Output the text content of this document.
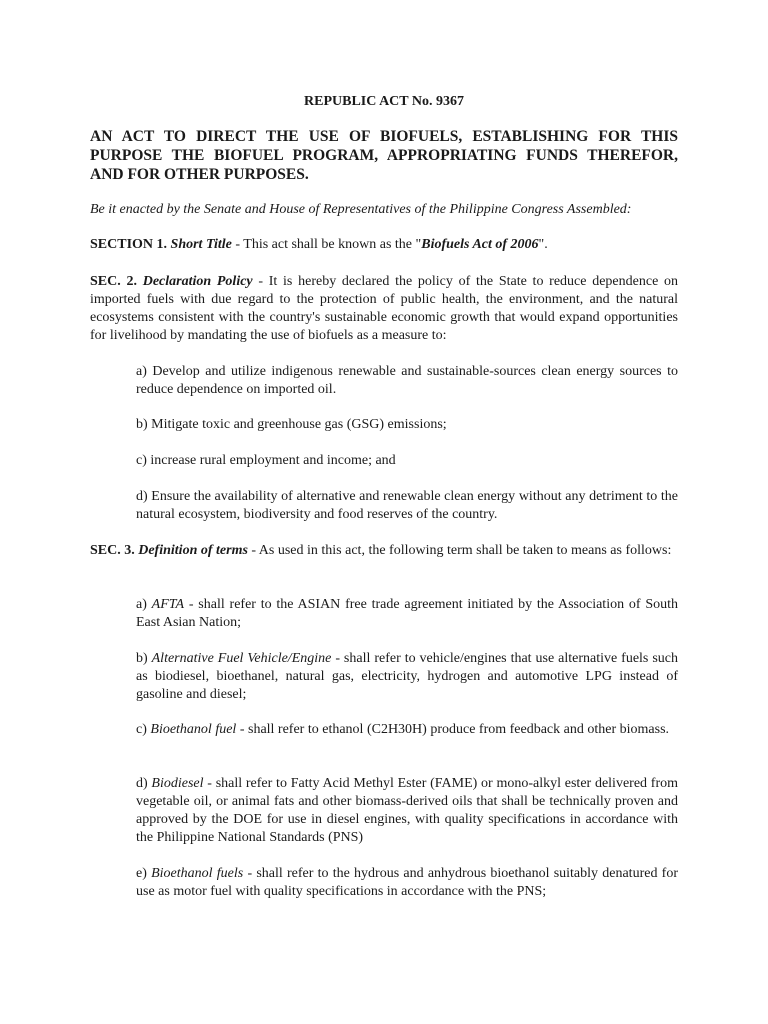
REPUBLIC ACT No. 9367

AN ACT TO DIRECT THE USE OF BIOFUELS, ESTABLISHING FOR THIS PURPOSE THE BIOFUEL PROGRAM, APPROPRIATING FUNDS THEREFOR, AND FOR OTHER PURPOSES.

Be it enacted by the Senate and House of Representatives of the Philippine Congress Assembled:

SECTION 1. Short Title - This act shall be known as the "Biofuels Act of 2006".

SEC. 2. Declaration Policy - It is hereby declared the policy of the State to reduce dependence on imported fuels with due regard to the protection of public health, the environment, and the natural ecosystems consistent with the country's sustainable economic growth that would expand opportunities for livelihood by mandating the use of biofuels as a measure to:

a) Develop and utilize indigenous renewable and sustainable-sources clean energy sources to reduce dependence on imported oil.

b) Mitigate toxic and greenhouse gas (GSG) emissions;

c) increase rural employment and income; and

d) Ensure the availability of alternative and renewable clean energy without any detriment to the natural ecosystem, biodiversity and food reserves of the country.

SEC. 3. Definition of terms - As used in this act, the following term shall be taken to means as follows:

a) AFTA - shall refer to the ASIAN free trade agreement initiated by the Association of South East Asian Nation;

b) Alternative Fuel Vehicle/Engine - shall refer to vehicle/engines that use alternative fuels such as biodiesel, bioethanel, natural gas, electricity, hydrogen and automotive LPG instead of gasoline and diesel;

c) Bioethanol fuel - shall refer to ethanol (C2H30H) produce from feedback and other biomass.

d) Biodiesel - shall refer to Fatty Acid Methyl Ester (FAME) or mono-alkyl ester delivered from vegetable oil, or animal fats and other biomass-derived oils that shall be technically proven and approved by the DOE for use in diesel engines, with quality specifications in accordance with the Philippine National Standards (PNS)

e) Bioethanol fuels - shall refer to the hydrous and anhydrous bioethanol suitably denatured for use as motor fuel with quality specifications in accordance with the PNS;
